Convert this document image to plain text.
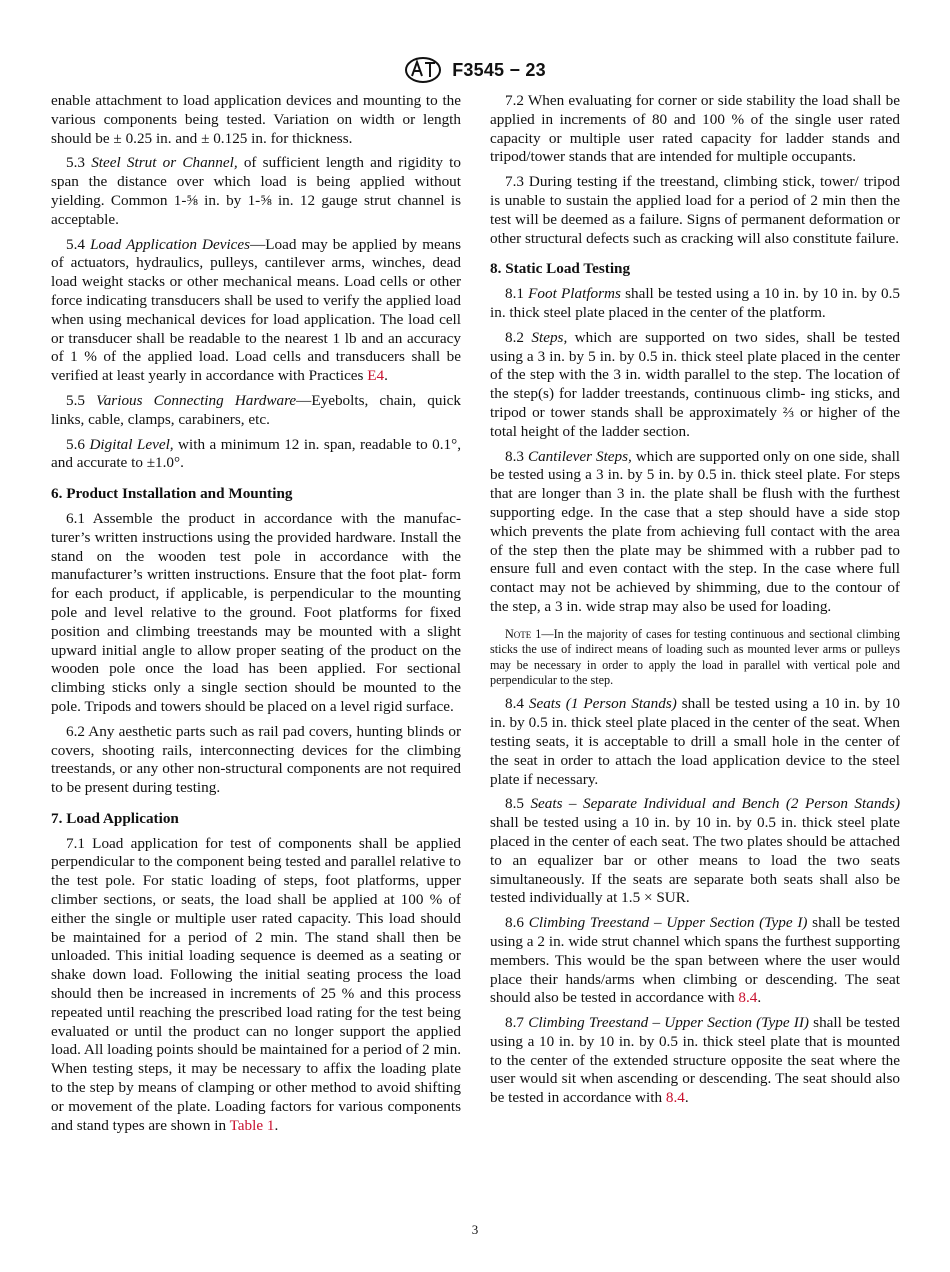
F3545 − 23

enable attachment to load application devices and mounting to the various components being tested. Variation on width or length should be ± 0.25 in. and ± 0.125 in. for thickness.

5.3 Steel Strut or Channel, of sufficient length and rigidity to span the distance over which load is being applied without yielding. Common 1-⅝ in. by 1-⅝ in. 12 gauge strut channel is acceptable.

5.4 Load Application Devices—Load may be applied by means of actuators, hydraulics, pulleys, cantilever arms, winches, dead load weight stacks or other mechanical means. Load cells or other force indicating transducers shall be used to verify the applied load when using mechanical devices for load application. The load cell or transducer shall be readable to the nearest 1 lb and an accuracy of 1 % of the applied load. Load cells and transducers shall be verified at least yearly in accordance with Practices E4.

5.5 Various Connecting Hardware—Eyebolts, chain, quick links, cable, clamps, carabiners, etc.

5.6 Digital Level, with a minimum 12 in. span, readable to 0.1°, and accurate to ±1.0°.

6. Product Installation and Mounting

6.1 Assemble the product in accordance with the manufac- turer’s written instructions using the provided hardware. Install the stand on the wooden test pole in accordance with the manufacturer’s written instructions. Ensure that the foot plat- form for each product, if applicable, is perpendicular to the mounting pole and level relative to the ground. Foot platforms for fixed position and climbing treestands may be mounted with a slight upward initial angle to allow proper seating of the product on the wooden pole once the load has been applied. For sectional climbing sticks only a single section should be mounted to the pole. Tripods and towers should be placed on a level rigid surface.

6.2 Any aesthetic parts such as rail pad covers, hunting blinds or covers, shooting rails, interconnecting devices for the climbing treestands, or any other non-structural components are not required to be present during testing.

7. Load Application

7.1 Load application for test of components shall be applied perpendicular to the component being tested and parallel relative to the test pole. For static loading of steps, foot platforms, upper climber sections, or seats, the load shall be applied at 100 % of either the single or multiple user rated capacity. This load should be maintained for a period of 2 min. The stand shall then be unloaded. This initial loading sequence is deemed as a seating or shake down load. Following the initial seating process the load should then be increased in increments of 25 % and this process repeated until reaching the prescribed load rating for the test being evaluated or until the product can no longer support the applied load. All loading points should be maintained for a period of 2 min. When testing steps, it may be necessary to affix the loading plate to the step by means of clamping or other method to avoid shifting or movement of the plate. Loading factors for various components and stand types are shown in Table 1.

7.2 When evaluating for corner or side stability the load shall be applied in increments of 80 and 100 % of the single user rated capacity or multiple user rated capacity for ladder stands and tripod/tower stands that are intended for multiple occupants.

7.3 During testing if the treestand, climbing stick, tower/ tripod is unable to sustain the applied load for a period of 2 min then the test will be deemed as a failure. Signs of permanent deformation or other structural defects such as cracking will also constitute failure.

8. Static Load Testing

8.1 Foot Platforms shall be tested using a 10 in. by 10 in. by 0.5 in. thick steel plate placed in the center of the platform.

8.2 Steps, which are supported on two sides, shall be tested using a 3 in. by 5 in. by 0.5 in. thick steel plate placed in the center of the step with the 3 in. width parallel to the step. The location of the step(s) for ladder treestands, continuous climb- ing sticks, and tripod or tower stands shall be approximately ⅔ or higher of the total height of the ladder section.

8.3 Cantilever Steps, which are supported only on one side, shall be tested using a 3 in. by 5 in. by 0.5 in. thick steel plate. For steps that are longer than 3 in. the plate shall be flush with the furthest supporting edge. In the case that a step should have a side stop which prevents the plate from achieving full contact with the area of the step then the plate may be shimmed with a rubber pad to ensure full and even contact with the step. In the case where full contact may not be achieved by shimming, due to the contour of the step, a 3 in. wide strap may also be used for loading.

Note 1—In the majority of cases for testing continuous and sectional climbing sticks the use of indirect means of loading such as mounted lever arms or pulleys may be necessary in order to apply the load in parallel with vertical pole and perpendicular to the step.

8.4 Seats (1 Person Stands) shall be tested using a 10 in. by 10 in. by 0.5 in. thick steel plate placed in the center of the seat. When testing seats, it is acceptable to drill a small hole in the center of the seat in order to attach the load application device to the steel plate if necessary.

8.5 Seats – Separate Individual and Bench (2 Person Stands) shall be tested using a 10 in. by 10 in. by 0.5 in. thick steel plate placed in the center of each seat. The two plates should be attached to an equalizer bar or other means to load the two seats simultaneously. If the seats are separate both seats shall also be tested individually at 1.5 × SUR.

8.6 Climbing Treestand – Upper Section (Type I) shall be tested using a 2 in. wide strut channel which spans the furthest supporting members. This would be the span between where the user would place their hands/arms when climbing or descending. The seat should also be tested in accordance with 8.4.

8.7 Climbing Treestand – Upper Section (Type II) shall be tested using a 10 in. by 10 in. by 0.5 in. thick steel plate that is mounted to the center of the extended structure opposite the seat where the user would sit when ascending or descending. The seat should also be tested in accordance with 8.4.

3
